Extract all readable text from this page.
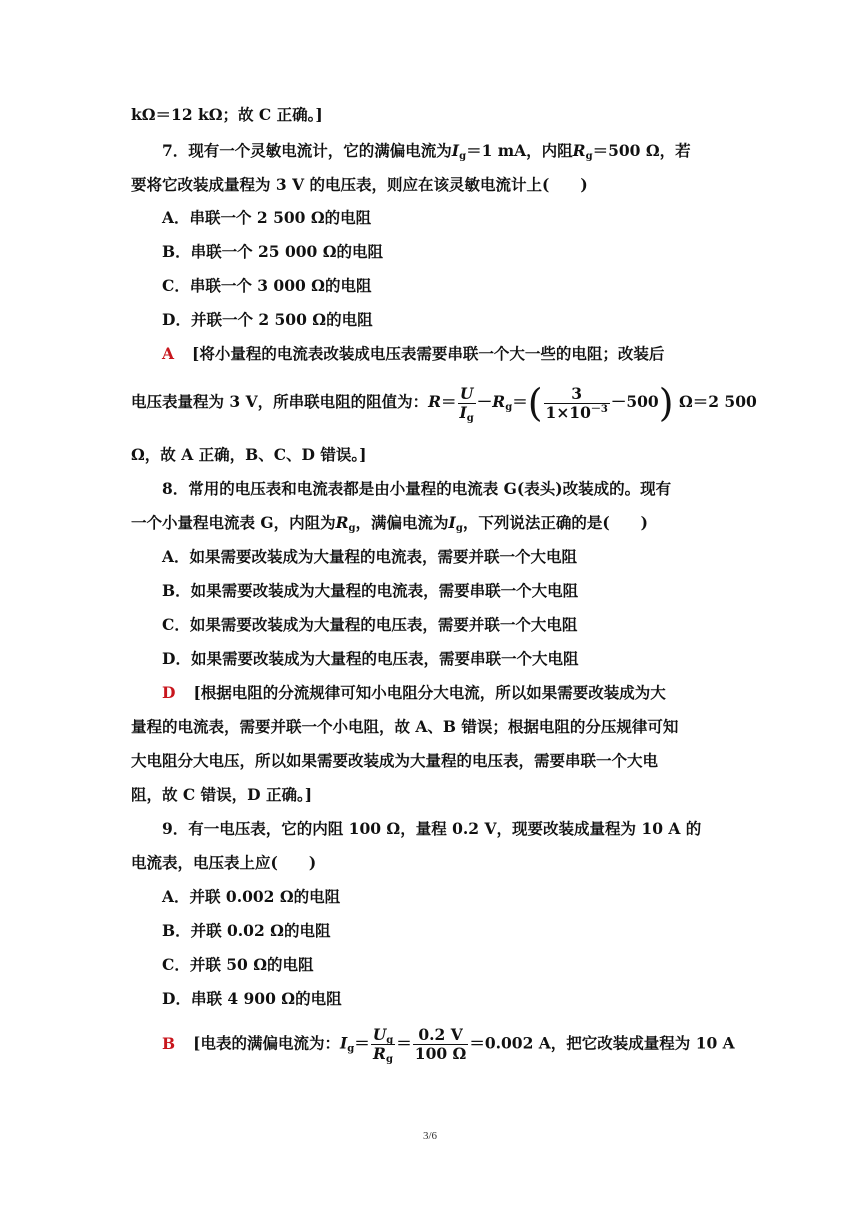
kΩ＝12 kΩ；故 C 正确。]
7．现有一个灵敏电流计，它的满偏电流为$I_g=1$ mA，内阻$R_g=500$ Ω，若
要将它改装成量程为 3 V 的电压表，则应在该灵敏电流计上(　　)
A．串联一个 2 500 Ω的电阻
B．串联一个 25 000 Ω的电阻
C．串联一个 3 000 Ω的电阻
D．并联一个 2 500 Ω的电阻
A [将小量程的电流表改装成电压表需要串联一个大一些的电阻；改装后
电压表量程为 3 V，所串联电阻的阻值为：$R= \frac{U}{I_g} -R_g=( \frac{3}{1\times 10^{-3}} -500)$ Ω＝2 500
Ω，故 A 正确，B、C、D 错误。]
8．常用的电压表和电流表都是由小量程的电流表 G(表头)改装成的。现有
一个小量程电流表 G，内阻为$R_g$，满偏电流为$I_g$，下列说法正确的是(　　)
A．如果需要改装成为大量程的电流表，需要并联一个大电阻
B．如果需要改装成为大量程的电流表，需要串联一个大电阻
C．如果需要改装成为大量程的电压表，需要并联一个大电阻
D．如果需要改装成为大量程的电压表，需要串联一个大电阻
D [根据电阻的分流规律可知小电阻分大电流，所以如果需要改装成为大
量程的电流表，需要并联一个小电阻，故 A、B 错误；根据电阻的分压规律可知
大电阻分大电压，所以如果需要改装成为大量程的电压表，需要串联一个大电
阻，故 C 错误，D 正确。]
9．有一电压表，它的内阻 100 Ω，量程 0.2 V，现要改装成量程为 10 A 的
电流表，电压表上应(　　)
A．并联 0.002 Ω的电阻
B．并联 0.02 Ω的电阻
C．并联 50 Ω的电阻
D．串联 4 900 Ω的电阻
B [电表的满偏电流为：$I_g= \frac{U_g}{R_g} = \frac{0.2 V}{100 \Omega} =0.002$ A，把它改装成量程为 10 A
3/6
